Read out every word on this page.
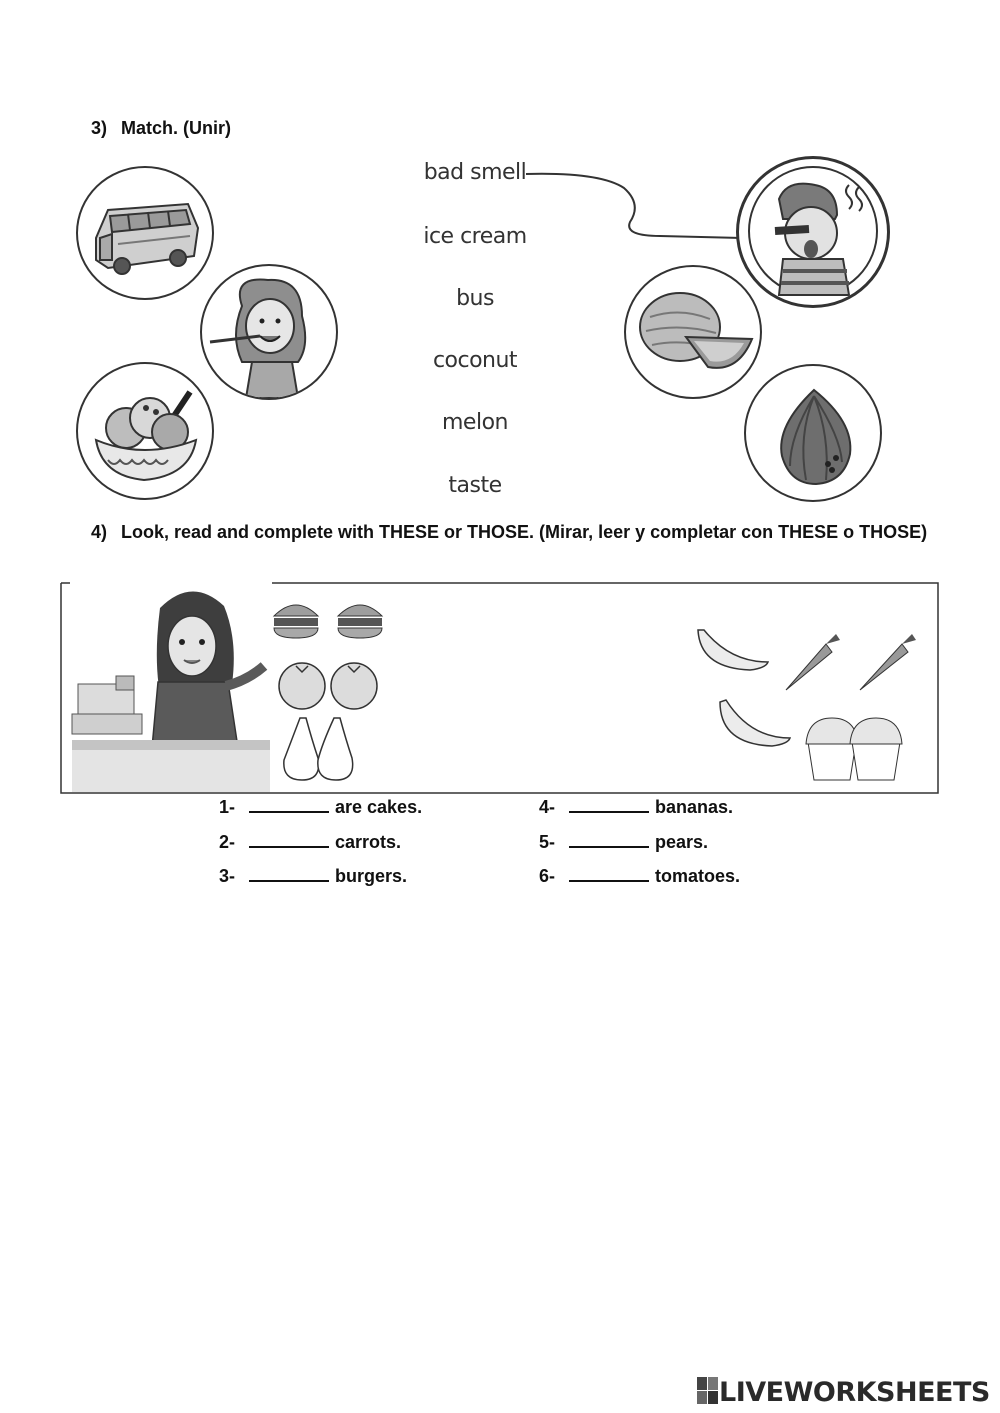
3) Match. (Unir)
bad smell
ice cream
bus
coconut
melon
taste
4) Look, read and complete with THESE or THOSE. (Mirar, leer y completar con THESE o THOSE)
1-	are cakes.
2-	carrots.
3-	burgers.
4-	bananas.
5-	pears.
6-	tomatoes.
LIVEWORKSHEETS
